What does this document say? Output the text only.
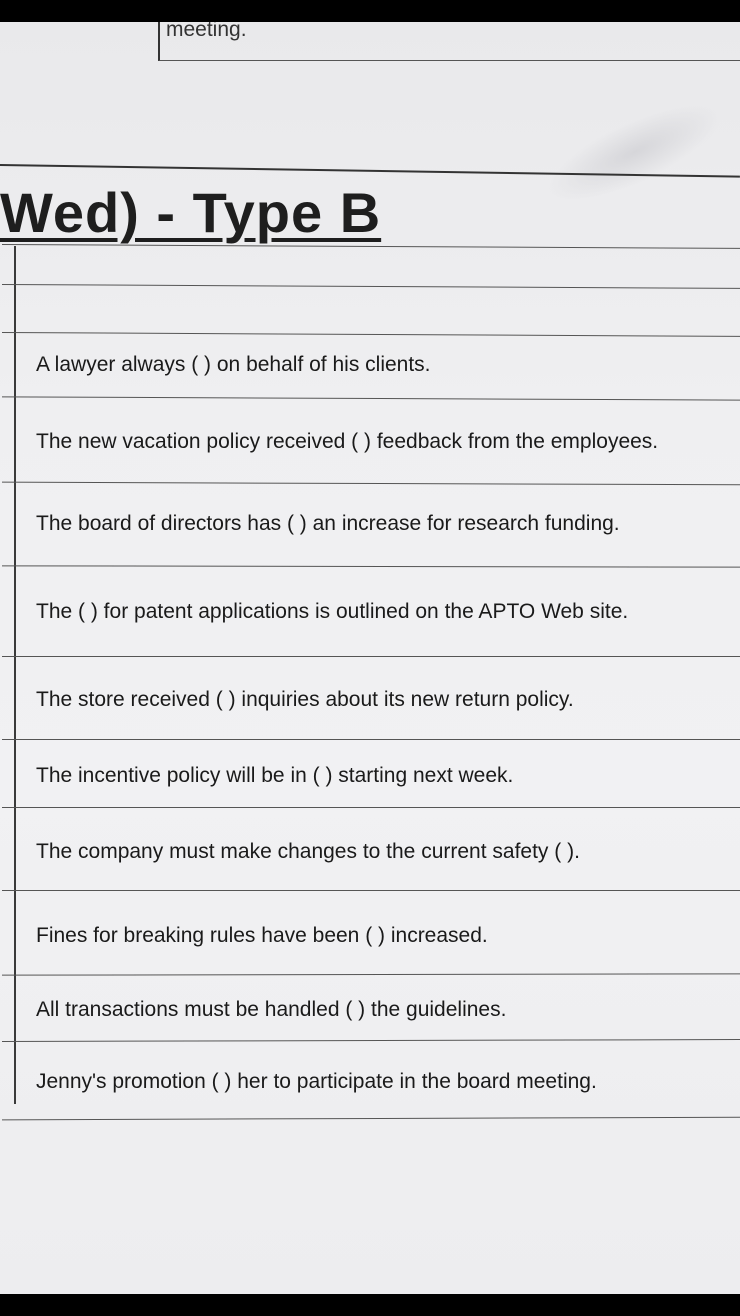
meeting.
Wed) - Type B
A lawyer always ( ) on behalf of his clients.
The new vacation policy received ( ) feedback from the employees.
The board of directors has ( ) an increase for research funding.
The ( ) for patent applications is outlined on the APTO Web site.
The store received ( ) inquiries about its new return policy.
The incentive policy will be in ( ) starting next week.
The company must make changes to the current safety ( ).
Fines for breaking rules have been ( ) increased.
All transactions must be handled ( ) the guidelines.
Jenny's promotion ( ) her to participate in the board meeting.
